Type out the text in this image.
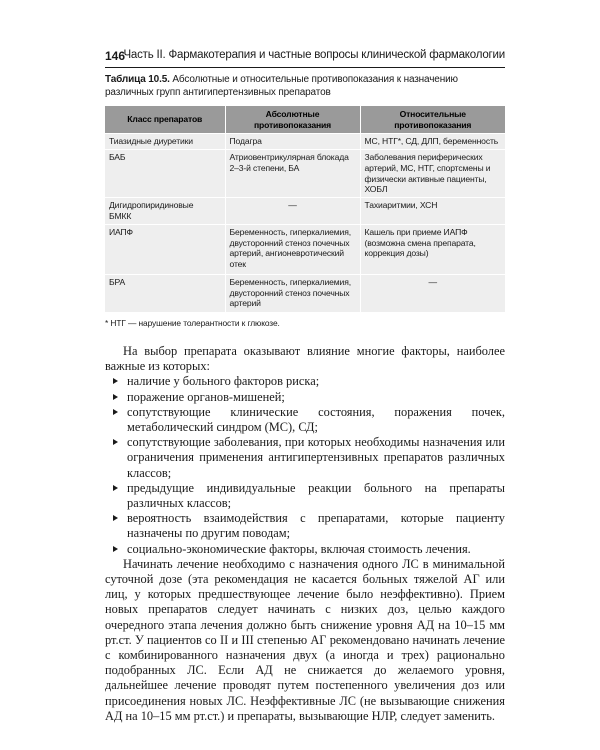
146
Часть II. Фармакотерапия и частные вопросы клинической фармакологии
Таблица 10.5. Абсолютные и относительные противопоказания к назначению различных групп антигипертензивных препаратов
Класс препаратов	Абсолютные противопоказания	Относительные противопоказания
Тиазидные диуретики	Подагра	МС, НТГ*, СД, ДЛП, беременность
БАБ	Атриовентрикулярная блокада 2–3-й степени, БА	Заболевания периферических артерий, МС, НТГ, спортсмены и физически активные пациенты, ХОБЛ
Дигидропиридиновые БМКК	—	Тахиаритмии, ХСН
ИАПФ	Беременность, гиперкалиемия, двусторонний стеноз почечных артерий, ангионевротический отек	Кашель при приеме ИАПФ (возможна смена препарата, коррекция дозы)
БРА	Беременность, гиперкалиемия, двусторонний стеноз почечных артерий	—
* НТГ — нарушение толерантности к глюкозе.

На выбор препарата оказывают влияние многие факторы, наиболее важные из которых:

наличие у больного факторов риска;
поражение органов-мишеней;
сопутствующие клинические состояния, поражения почек, метаболический синдром (МС), СД;
сопутствующие заболевания, при которых необходимы назначения или ограничения применения антигипертензивных препаратов различных классов;
предыдущие индивидуальные реакции больного на препараты различных классов;
вероятность взаимодействия с препаратами, которые пациенту назначены по другим поводам;
социально-экономические факторы, включая стоимость лечения.

Начинать лечение необходимо с назначения одного ЛС в минимальной суточной дозе (эта рекомендация не касается больных тяжелой АГ или лиц, у которых предшествующее лечение было неэффективно). Прием новых препаратов следует начинать с низких доз, целью каждого очередного этапа лечения должно быть снижение уровня АД на 10–15 мм рт.ст. У пациентов со II и III степенью АГ рекомендовано начинать лечение с комбинированного назначения двух (а иногда и трех) рационально подобранных ЛС. Если АД не снижается до желаемого уровня, дальнейшее лечение проводят путем постепенного увеличения доз или присоединения новых ЛС. Неэффективные ЛС (не вызывающие снижения АД на 10–15 мм рт.ст.) и препараты, вызывающие НЛР, следует заменить.
